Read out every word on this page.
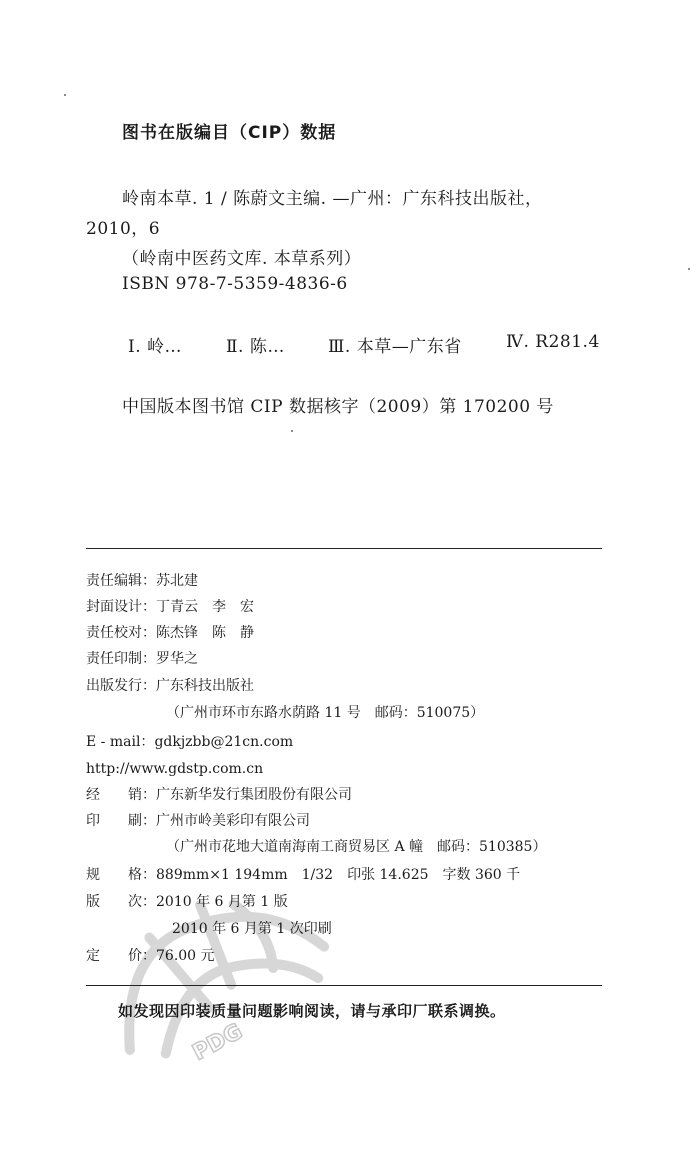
图书在版编目（CIP）数据
岭南本草. 1 / 陈蔚文主编. —广州：广东科技出版社，
2010，6
（岭南中医药文库. 本草系列）
ISBN 978-7-5359-4836-6
Ⅰ. 岭…	Ⅱ. 陈…	Ⅲ. 本草—广东省	Ⅳ. R281.4
中国版本图书馆 CIP 数据核字（2009）第 170200 号
PDG
责任编辑：苏北建
封面设计：丁青云　李　宏
责任校对：陈杰锋　陈　静
责任印制：罗华之
出版发行：广东科技出版社
（广州市环市东路水荫路 11 号　邮码：510075）
E - mail：gdkjzbb@21cn.com
http://www.gdstp.com.cn
经　　销：广东新华发行集团股份有限公司
印　　刷：广州市岭美彩印有限公司
（广州市花地大道南海南工商贸易区 A 幢　邮码：510385）
规　　格：889mm×1 194mm　1/32　印张 14.625　字数 360 千
版　　次：2010 年 6 月第 1 版
2010 年 6 月第 1 次印刷
定　　价：76.00 元
如发现因印装质量问题影响阅读，请与承印厂联系调换。
